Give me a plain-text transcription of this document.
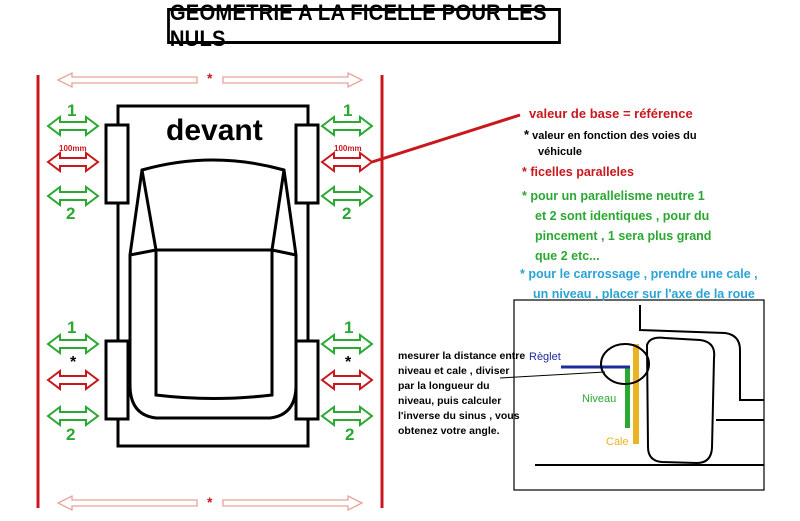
GEOMETRIE A LA FICELLE POUR LES NULS
*
*
devant
1
100mm
2
1
100mm
2
1
*
2
1
*
2
valeur de base = référence
* valeur en fonction des voies du
véhicule
* ficelles paralleles
* pour un parallelisme neutre 1
et 2 sont identiques , pour du
pincement , 1 sera plus grand
que 2 etc...
* pour le carrossage , prendre une cale ,
un niveau , placer sur l'axe de la roue
mesurer la distance entre
niveau et cale , diviser
par la longueur du
niveau, puis calculer
l'inverse du sinus , vous
obtenez votre angle.
Règlet
Niveau
Cale
